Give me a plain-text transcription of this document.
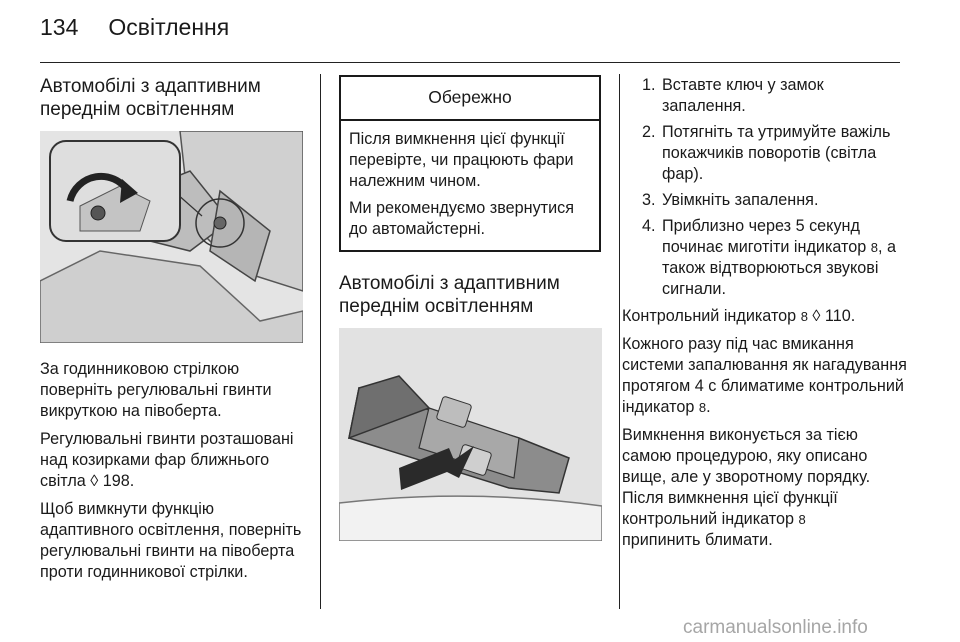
134 Освітлення
Автомобілі з адаптивним переднім освітленням

За годинниковою стрілкою поверніть регулювальні гвинти викруткою на півоберта.

Регулювальні гвинти розташовані над козирками фар ближнього світла ◊ 198.

Щоб вимкнути функцію адаптивного освітлення, поверніть регулювальні гвинти на півоберта проти годинникової стрілки.

Обережно

Після вимкнення цієї функції перевірте, чи працюють фари належним чином.

Ми рекомендуємо звернутися до автомайстерні.

Автомобілі з адаптивним переднім освітленням
1. Вставте ключ у замок запалення.
2. Потягніть та утримуйте важіль покажчиків поворотів (світла фар).
3. Увімкніть запалення.
4. Приблизно через 5 секунд починає миготіти індикатор 8, а також відтворюються звукові сигнали.

Контрольний індикатор 8 ◊ 110.

Кожного разу під час вмикання системи запалювання як нагадування протягом 4 с блиматиме контрольний індикатор 8.

Вимкнення виконується за тією самою процедурою, яку описано вище, але у зворотному порядку. Після вимкнення цієї функції контрольний індикатор 8
припинить блимати.

carmanualsonline.info
